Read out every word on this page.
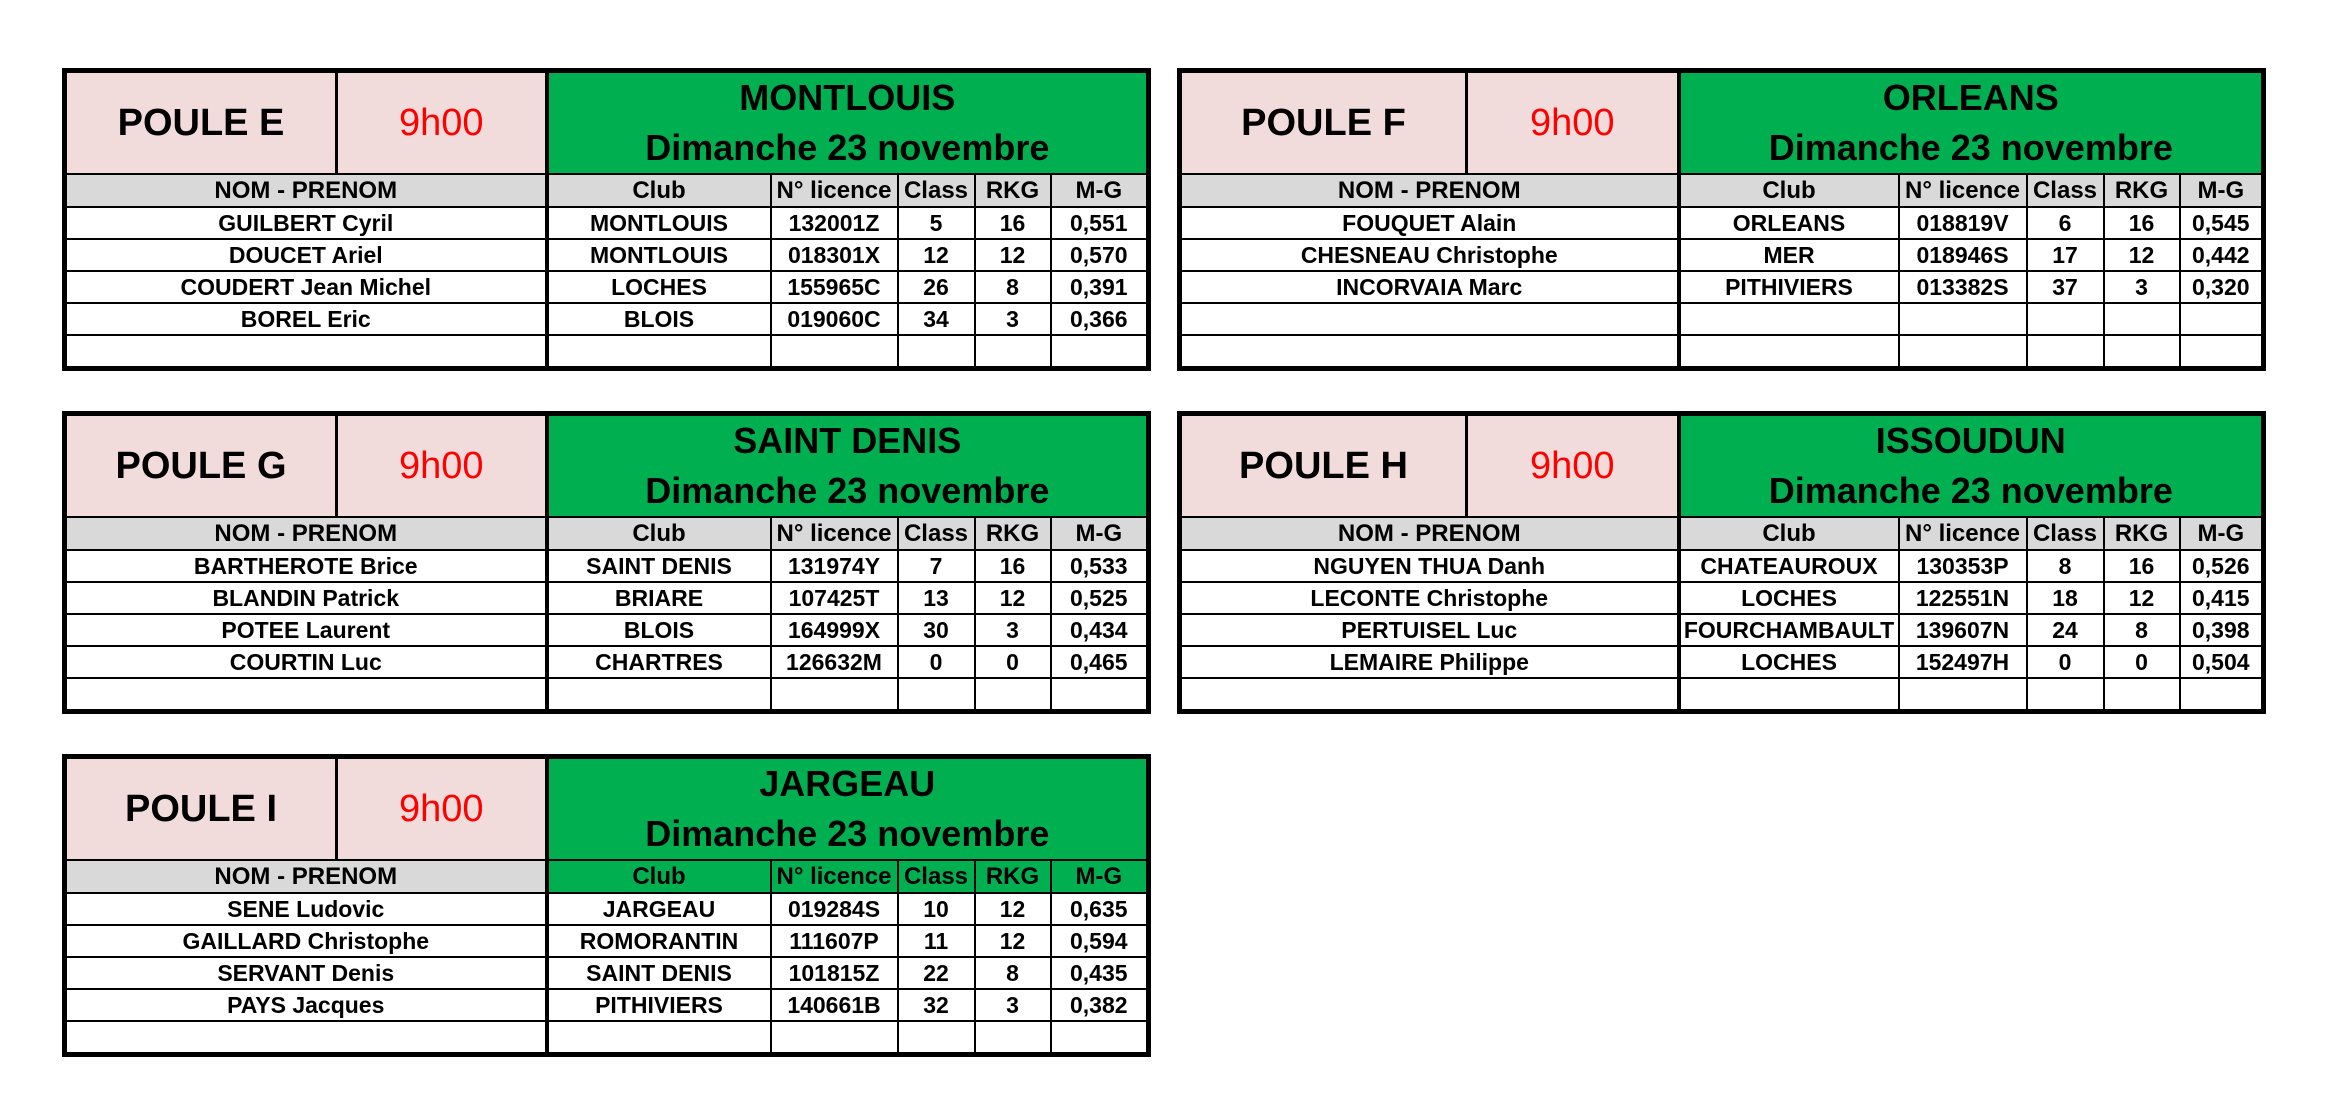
POULE E	9h00	MONTLOUIS
Dimanche 23 novembre				

NOM - PRENOM		Club	N° licence	Class	RKG	M-G
GUILBERT Cyril		MONTLOUIS	132001Z	5	16	0,551
DOUCET Ariel		MONTLOUIS	018301X	12	12	0,570
COUDERT Jean Michel		LOCHES	155965C	26	8	0,391
BOREL Eric		BLOIS	019060C	34	3	0,366

POULE F	9h00	ORLEANS
Dimanche 23 novembre				

NOM - PRENOM		Club	N° licence	Class	RKG	M-G
FOUQUET Alain		ORLEANS	018819V	6	16	0,545
CHESNEAU Christophe		MER	018946S	17	12	0,442
INCORVAIA Marc		PITHIVIERS	013382S	37	3	0,320

POULE G	9h00	SAINT DENIS
Dimanche 23 novembre				

NOM - PRENOM		Club	N° licence	Class	RKG	M-G
BARTHEROTE Brice		SAINT DENIS	131974Y	7	16	0,533
BLANDIN Patrick		BRIARE	107425T	13	12	0,525
POTEE Laurent		BLOIS	164999X	30	3	0,434
COURTIN Luc		CHARTRES	126632M	0	0	0,465

POULE H	9h00	ISSOUDUN
Dimanche 23 novembre				

NOM - PRENOM		Club	N° licence	Class	RKG	M-G
NGUYEN THUA Danh		CHATEAUROUX	130353P	8	16	0,526
LECONTE Christophe		LOCHES	122551N	18	12	0,415
PERTUISEL Luc		FOURCHAMBAULT	139607N	24	8	0,398
LEMAIRE Philippe		LOCHES	152497H	0	0	0,504

POULE I	9h00	JARGEAU
Dimanche 23 novembre				

NOM - PRENOM		Club	N° licence	Class	RKG	M-G
SENE Ludovic		JARGEAU	019284S	10	12	0,635
GAILLARD Christophe		ROMORANTIN	111607P	11	12	0,594
SERVANT Denis		SAINT DENIS	101815Z	22	8	0,435
PAYS Jacques		PITHIVIERS	140661B	32	3	0,382
